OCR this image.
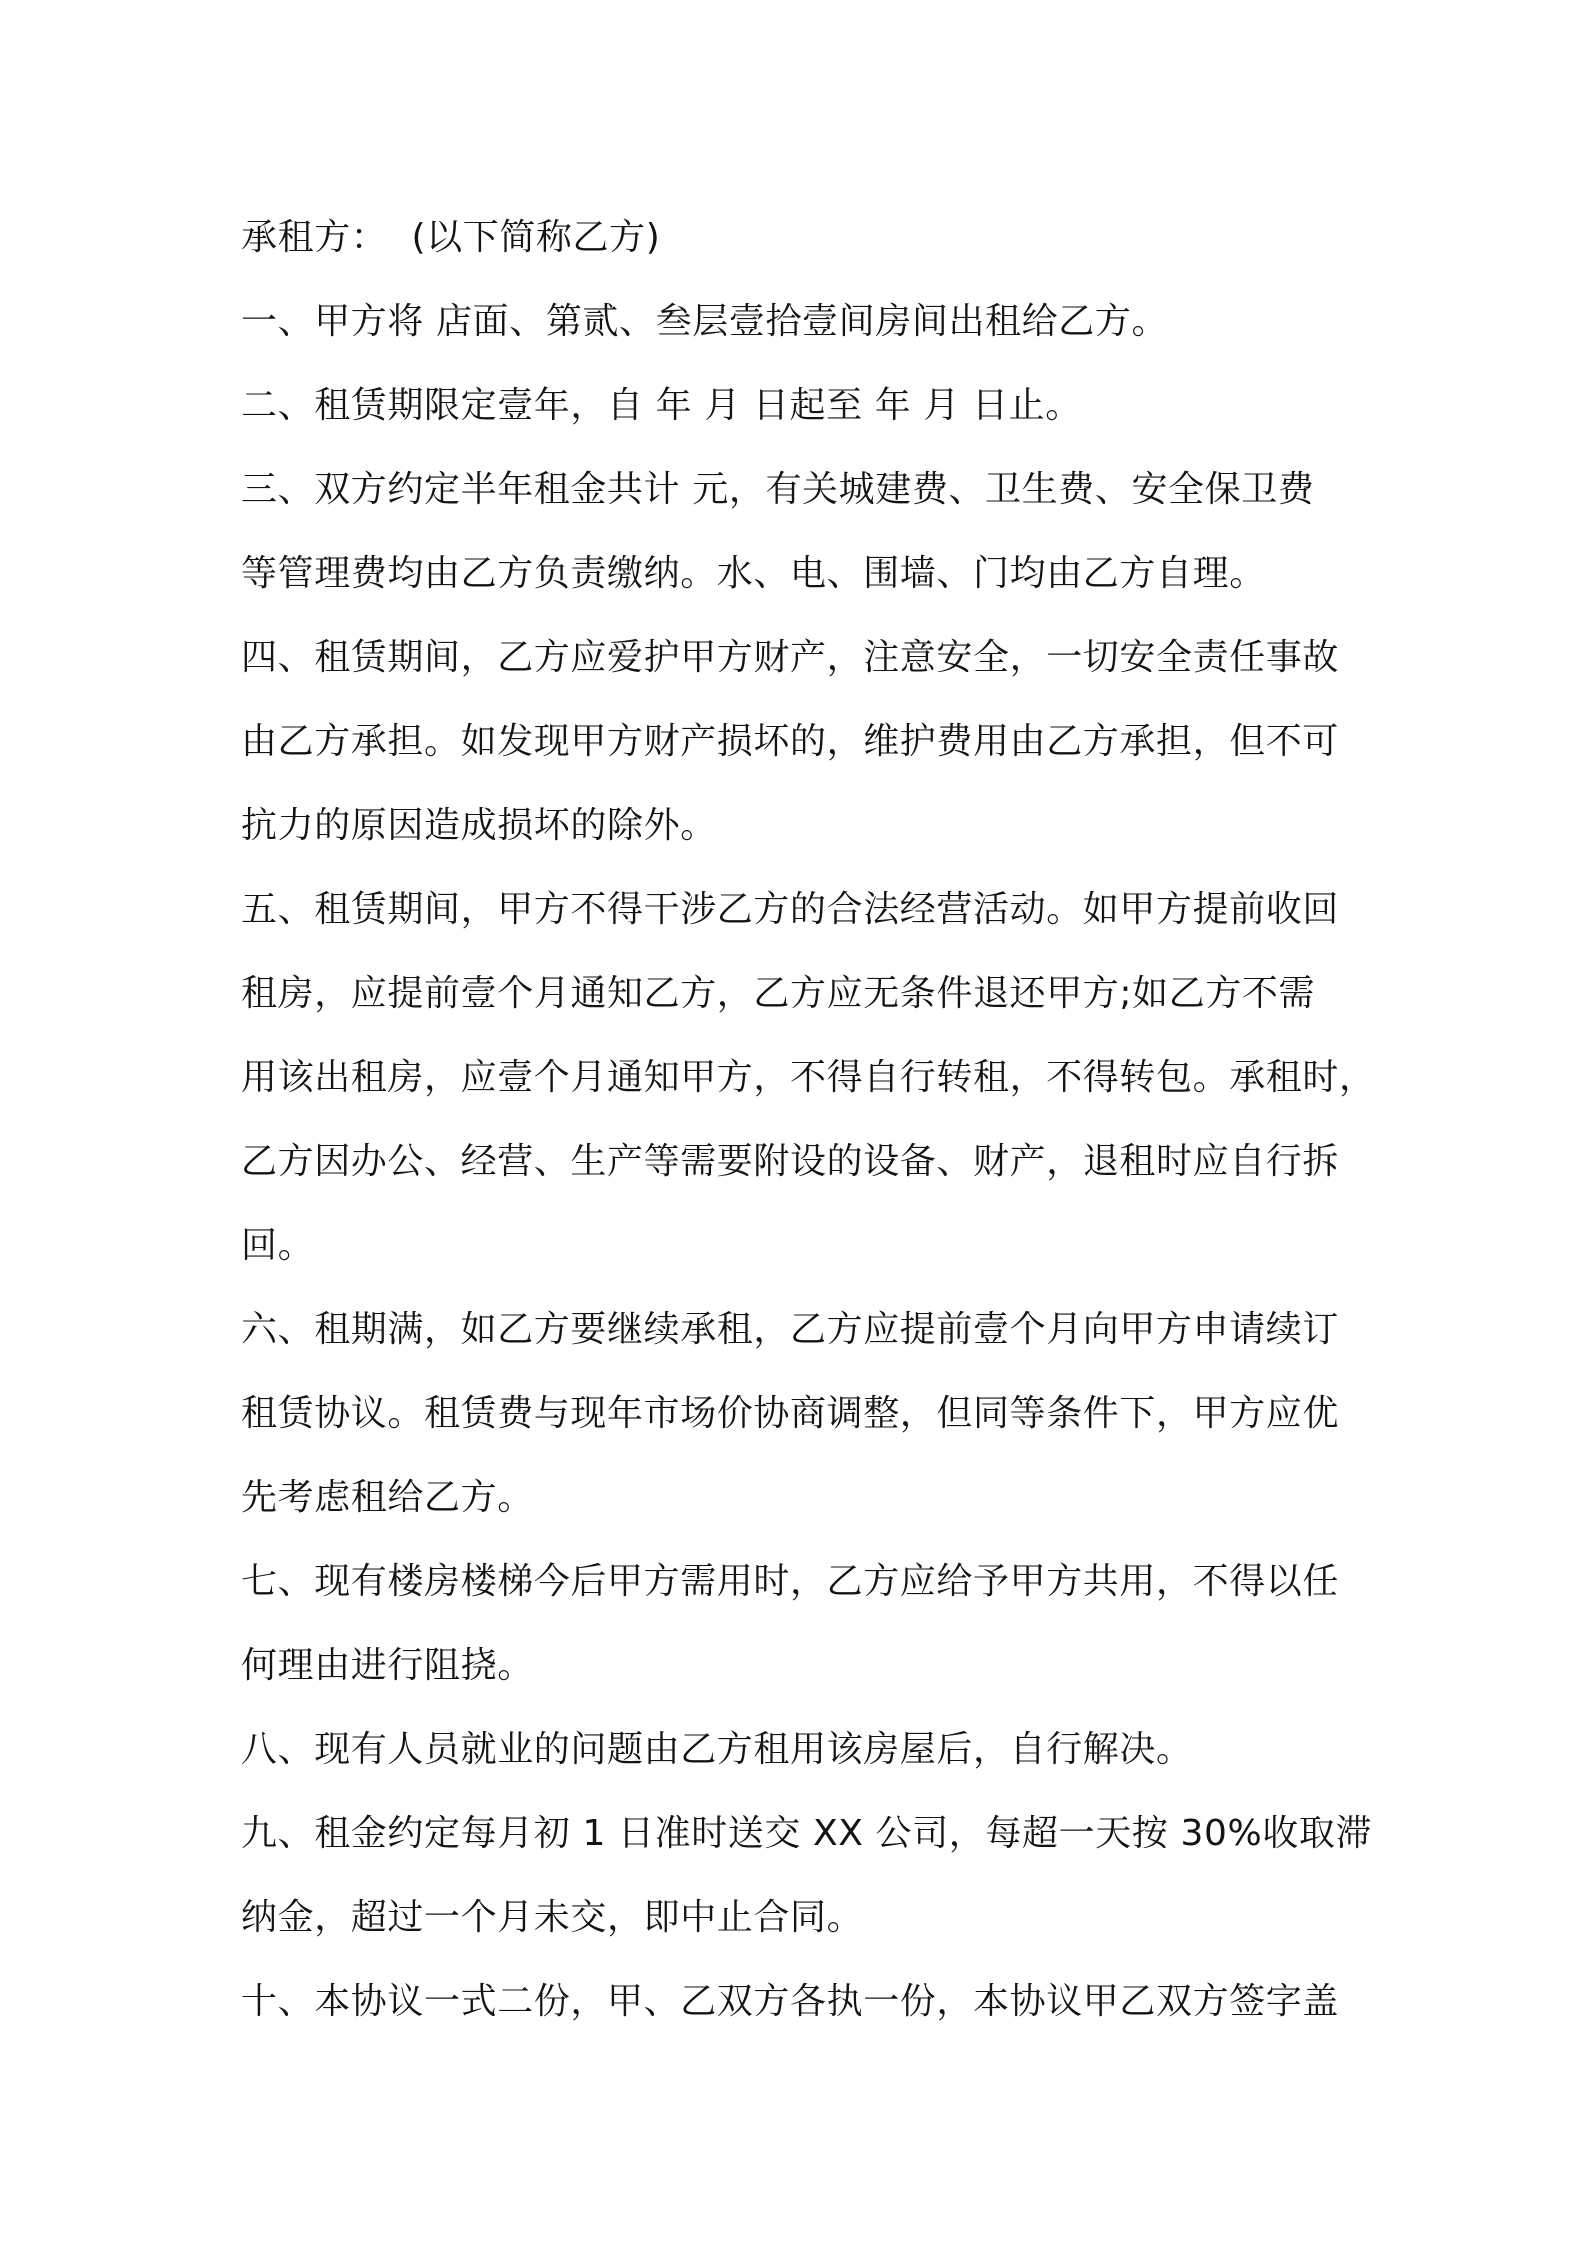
承租方：  (以下简称乙方)
一、甲方将 店面、第贰、叁层壹拾壹间房间出租给乙方。
二、租赁期限定壹年，自 年 月 日起至 年 月 日止。
三、双方约定半年租金共计 元，有关城建费、卫生费、安全保卫费
等管理费均由乙方负责缴纳。水、电、围墙、门均由乙方自理。
四、租赁期间，乙方应爱护甲方财产，注意安全，一切安全责任事故
由乙方承担。如发现甲方财产损坏的，维护费用由乙方承担，但不可
抗力的原因造成损坏的除外。
五、租赁期间，甲方不得干涉乙方的合法经营活动。如甲方提前收回
租房，应提前壹个月通知乙方，乙方应无条件退还甲方;如乙方不需
用该出租房，应壹个月通知甲方，不得自行转租，不得转包。承租时，
乙方因办公、经营、生产等需要附设的设备、财产，退租时应自行拆
回。
六、租期满，如乙方要继续承租，乙方应提前壹个月向甲方申请续订
租赁协议。租赁费与现年市场价协商调整，但同等条件下，甲方应优
先考虑租给乙方。
七、现有楼房楼梯今后甲方需用时，乙方应给予甲方共用，不得以任
何理由进行阻挠。
八、现有人员就业的问题由乙方租用该房屋后，自行解决。
九、租金约定每月初 1 日准时送交 XX 公司，每超一天按 30%收取滞
纳金，超过一个月未交，即中止合同。
十、本协议一式二份，甲、乙双方各执一份，本协议甲乙双方签字盖
